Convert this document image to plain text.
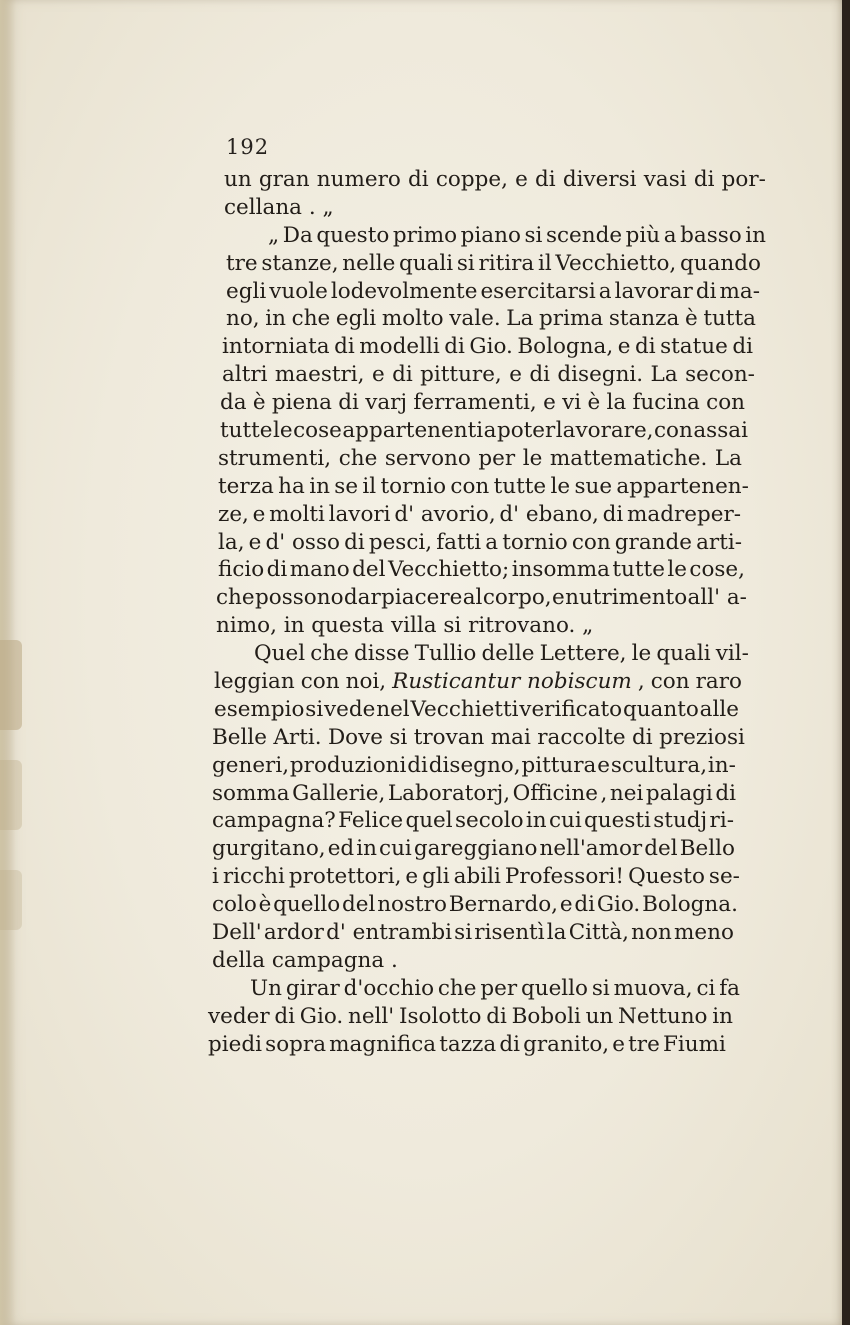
192

un gran numero di coppe, e di diversi vasi di por-
cellana . „
„ Da questo primo piano si scende più a basso in
tre stanze, nelle quali si ritira il Vecchietto, quando
egli vuole lodevolmente esercitarsi a lavorar di ma-
no, in che egli molto vale. La prima stanza è tutta
intorniata di modelli di Gio. Bologna, e di statue di
altri maestri, e di pitture, e di disegni. La secon-
da è piena di varj ferramenti, e vi è la fucina con
tutte le cose appartenenti a poter lavorare, con assai
strumenti, che servono per le mattematiche. La
terza ha in se il tornio con tutte le sue appartenen-
ze, e molti lavori d' avorio, d' ebano, di madreper-
la, e d' osso di pesci, fatti a tornio con grande arti-
ficio di mano del Vecchietto; insomma tutte le cose,
che possono dar piacere al corpo, e nutrimento all' a-
nimo, in questa villa si ritrovano. „
Quel che disse Tullio delle Lettere, le quali vil-
leggian con noi, Rusticantur nobiscum , con raro
esempio si vede nel Vecchietti verificato quanto alle
Belle Arti. Dove si trovan mai raccolte di preziosi
generi, produzioni di disegno, pittura e scultura, in-
somma Gallerie, Laboratorj, Officine , nei palagi di
campagna? Felice quel secolo in cui questi studj ri-
gurgitano, ed in cui gareggiano nell'amor del Bello
i ricchi protettori, e gli abili Professori! Questo se-
colo è quello del nostro Bernardo, e di Gio. Bologna.
Dell' ardor d' entrambi si risentì la Città, non meno
della campagna .
Un girar d'occhio che per quello si muova, ci fa
veder di Gio. nell' Isolotto di Boboli un Nettuno in
piedi sopra magnifica tazza di granito, e tre Fiumi
